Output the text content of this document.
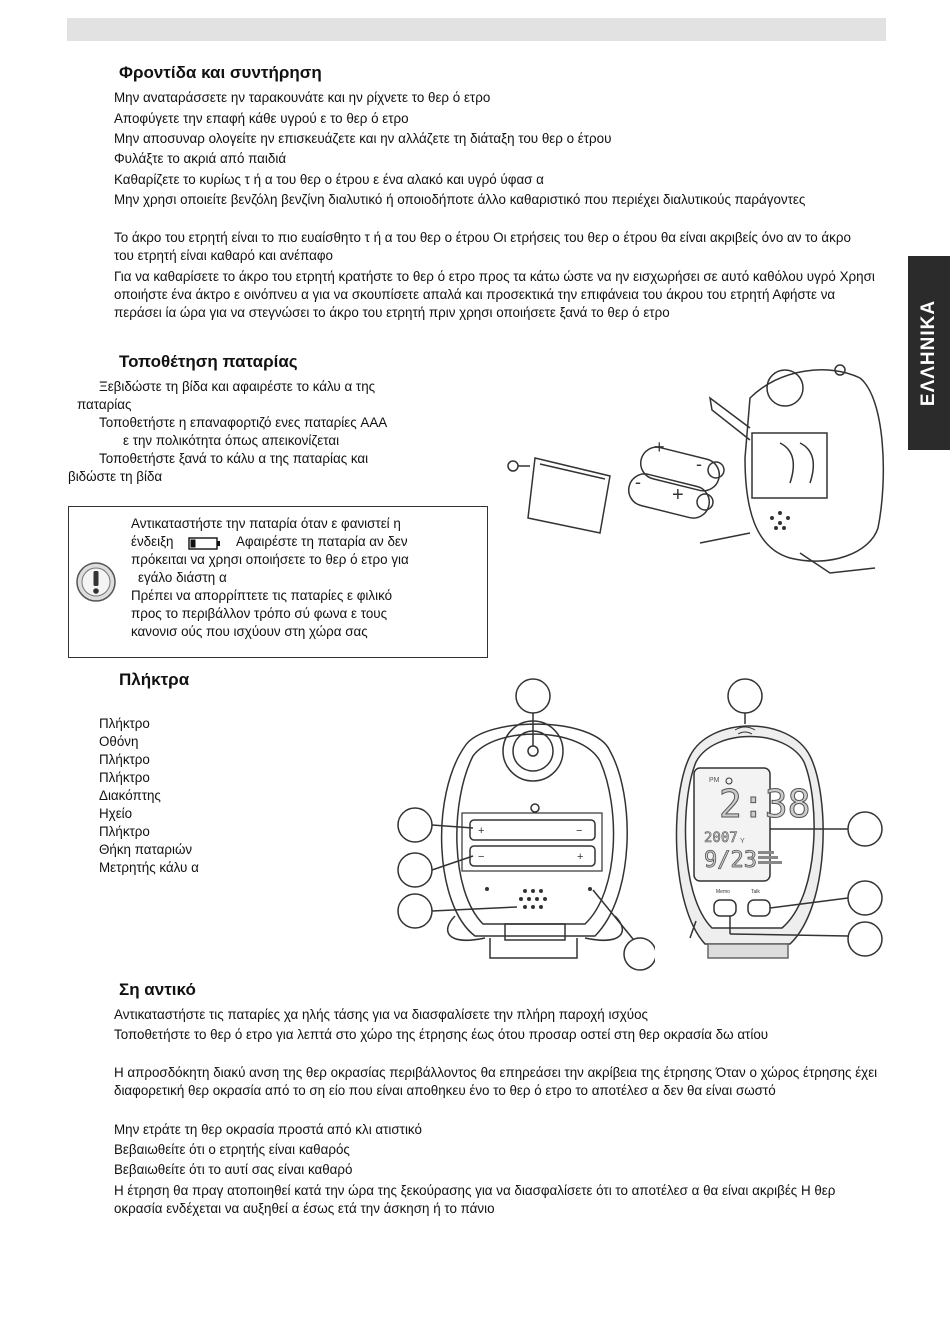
Φροντίδα και συντήρηση
Μην αναταράσσετε ην ταρακουνάτε και ην ρίχνετε το θερ ό ετρο
Αποφύγετε την επαφή κάθε υγρού ε το θερ ό ετρο
Μην αποσυναρ ολογείτε ην επισκευάζετε και ην αλλάζετε τη διάταξη του θερ ο έτρου
Φυλάξτε το ακριά από παιδιά
Καθαρίζετε το κυρίως τ ή α του θερ ο έτρου ε ένα αλακό και υγρό ύφασ α
Μην χρησι οποιείτε βενζόλη βενζίνη διαλυτικό ή οποιοδήποτε άλλο καθαριστικό που περιέχει διαλυτικούς παράγοντες
Το άκρο του ετρητή είναι το πιο ευαίσθητο τ ή α του θερ ο έτρου Οι ετρήσεις του θερ ο έτρου θα είναι ακριβείς όνο αν το άκρο του ετρητή είναι καθαρό και ανέπαφο
Για να καθαρίσετε το άκρο του ετρητή κρατήστε το θερ ό ετρο προς τα κάτω ώστε να ην εισχωρήσει σε αυτό καθόλου υγρό Χρησι οποιήστε ένα άκτρο ε οινόπνευ α για να σκουπίσετε απαλά και προσεκτικά την επιφάνεια του άκρου του ετρητή Αφήστε να περάσει ία ώρα για να στεγνώσει το άκρο του ετρητή πριν χρησι οποιήσετε ξανά το θερ ό ετρο	ΕΛΛΗΝΙΚΑ
Τοποθέτηση παταρίας
Ξεβιδώστε τη βίδα και αφαιρέστε το κάλυ α της
παταρίας
Τοποθετήστε η επαναφορτιζό ενες παταρίες AAA
ε την πολικότητα όπως απεικονίζεται
Τοποθετήστε ξανά το κάλυ α της παταρίας και
βιδώστε τη βίδα
+
-
-
+
Αντικαταστήστε την παταρία όταν ε φανιστεί η
ένδειξη	Αφαιρέστε τη παταρία αν δεν
πρόκειται να χρησι οποιήσετε το θερ ό ετρο για
εγάλο διάστη α
Πρέπει να απορρίπτετε τις παταρίες ε φιλικό
προς το περιβάλλον τρόπο σύ φωνα ε τους
κανονισ ούς που ισχύουν στη χώρα σας
Πλήκτρα
Πλήκτρο
Οθόνη
Πλήκτρο
Πλήκτρο
Διακόπτης
Ηχείο
Πλήκτρο
Θήκη παταριών
Μετρητής κάλυ α
+	−
−	+
PM
2:38
2007 Y
9/23
Memo	Talk
Ση αντικό
Αντικαταστήστε τις παταρίες χα ηλής τάσης για να διασφαλίσετε την πλήρη παροχή ισχύος
Τοποθετήστε το θερ ό ετρο για λεπτά στο χώρο της έτρησης έως ότου προσαρ οστεί στη θερ οκρασία δω ατίου
Η απροσδόκητη διακύ ανση της θερ οκρασίας περιβάλλοντος θα επηρεάσει την ακρίβεια της έτρησης Όταν ο χώρος έτρησης έχει διαφορετική θερ οκρασία από το ση είο που είναι αποθηκευ ένο το θερ ό ετρο το αποτέλεσ α δεν θα είναι σωστό
Μην ετράτε τη θερ οκρασία προστά από κλι ατιστικό
Βεβαιωθείτε ότι ο ετρητής είναι καθαρός
Βεβαιωθείτε ότι το αυτί σας είναι καθαρό
Η έτρηση θα πραγ ατοποιηθεί κατά την ώρα της ξεκούρασης για να διασφαλίσετε ότι το αποτέλεσ α θα είναι ακριβές Η θερ οκρασία ενδέχεται να αυξηθεί α έσως ετά την άσκηση ή το πάνιο
